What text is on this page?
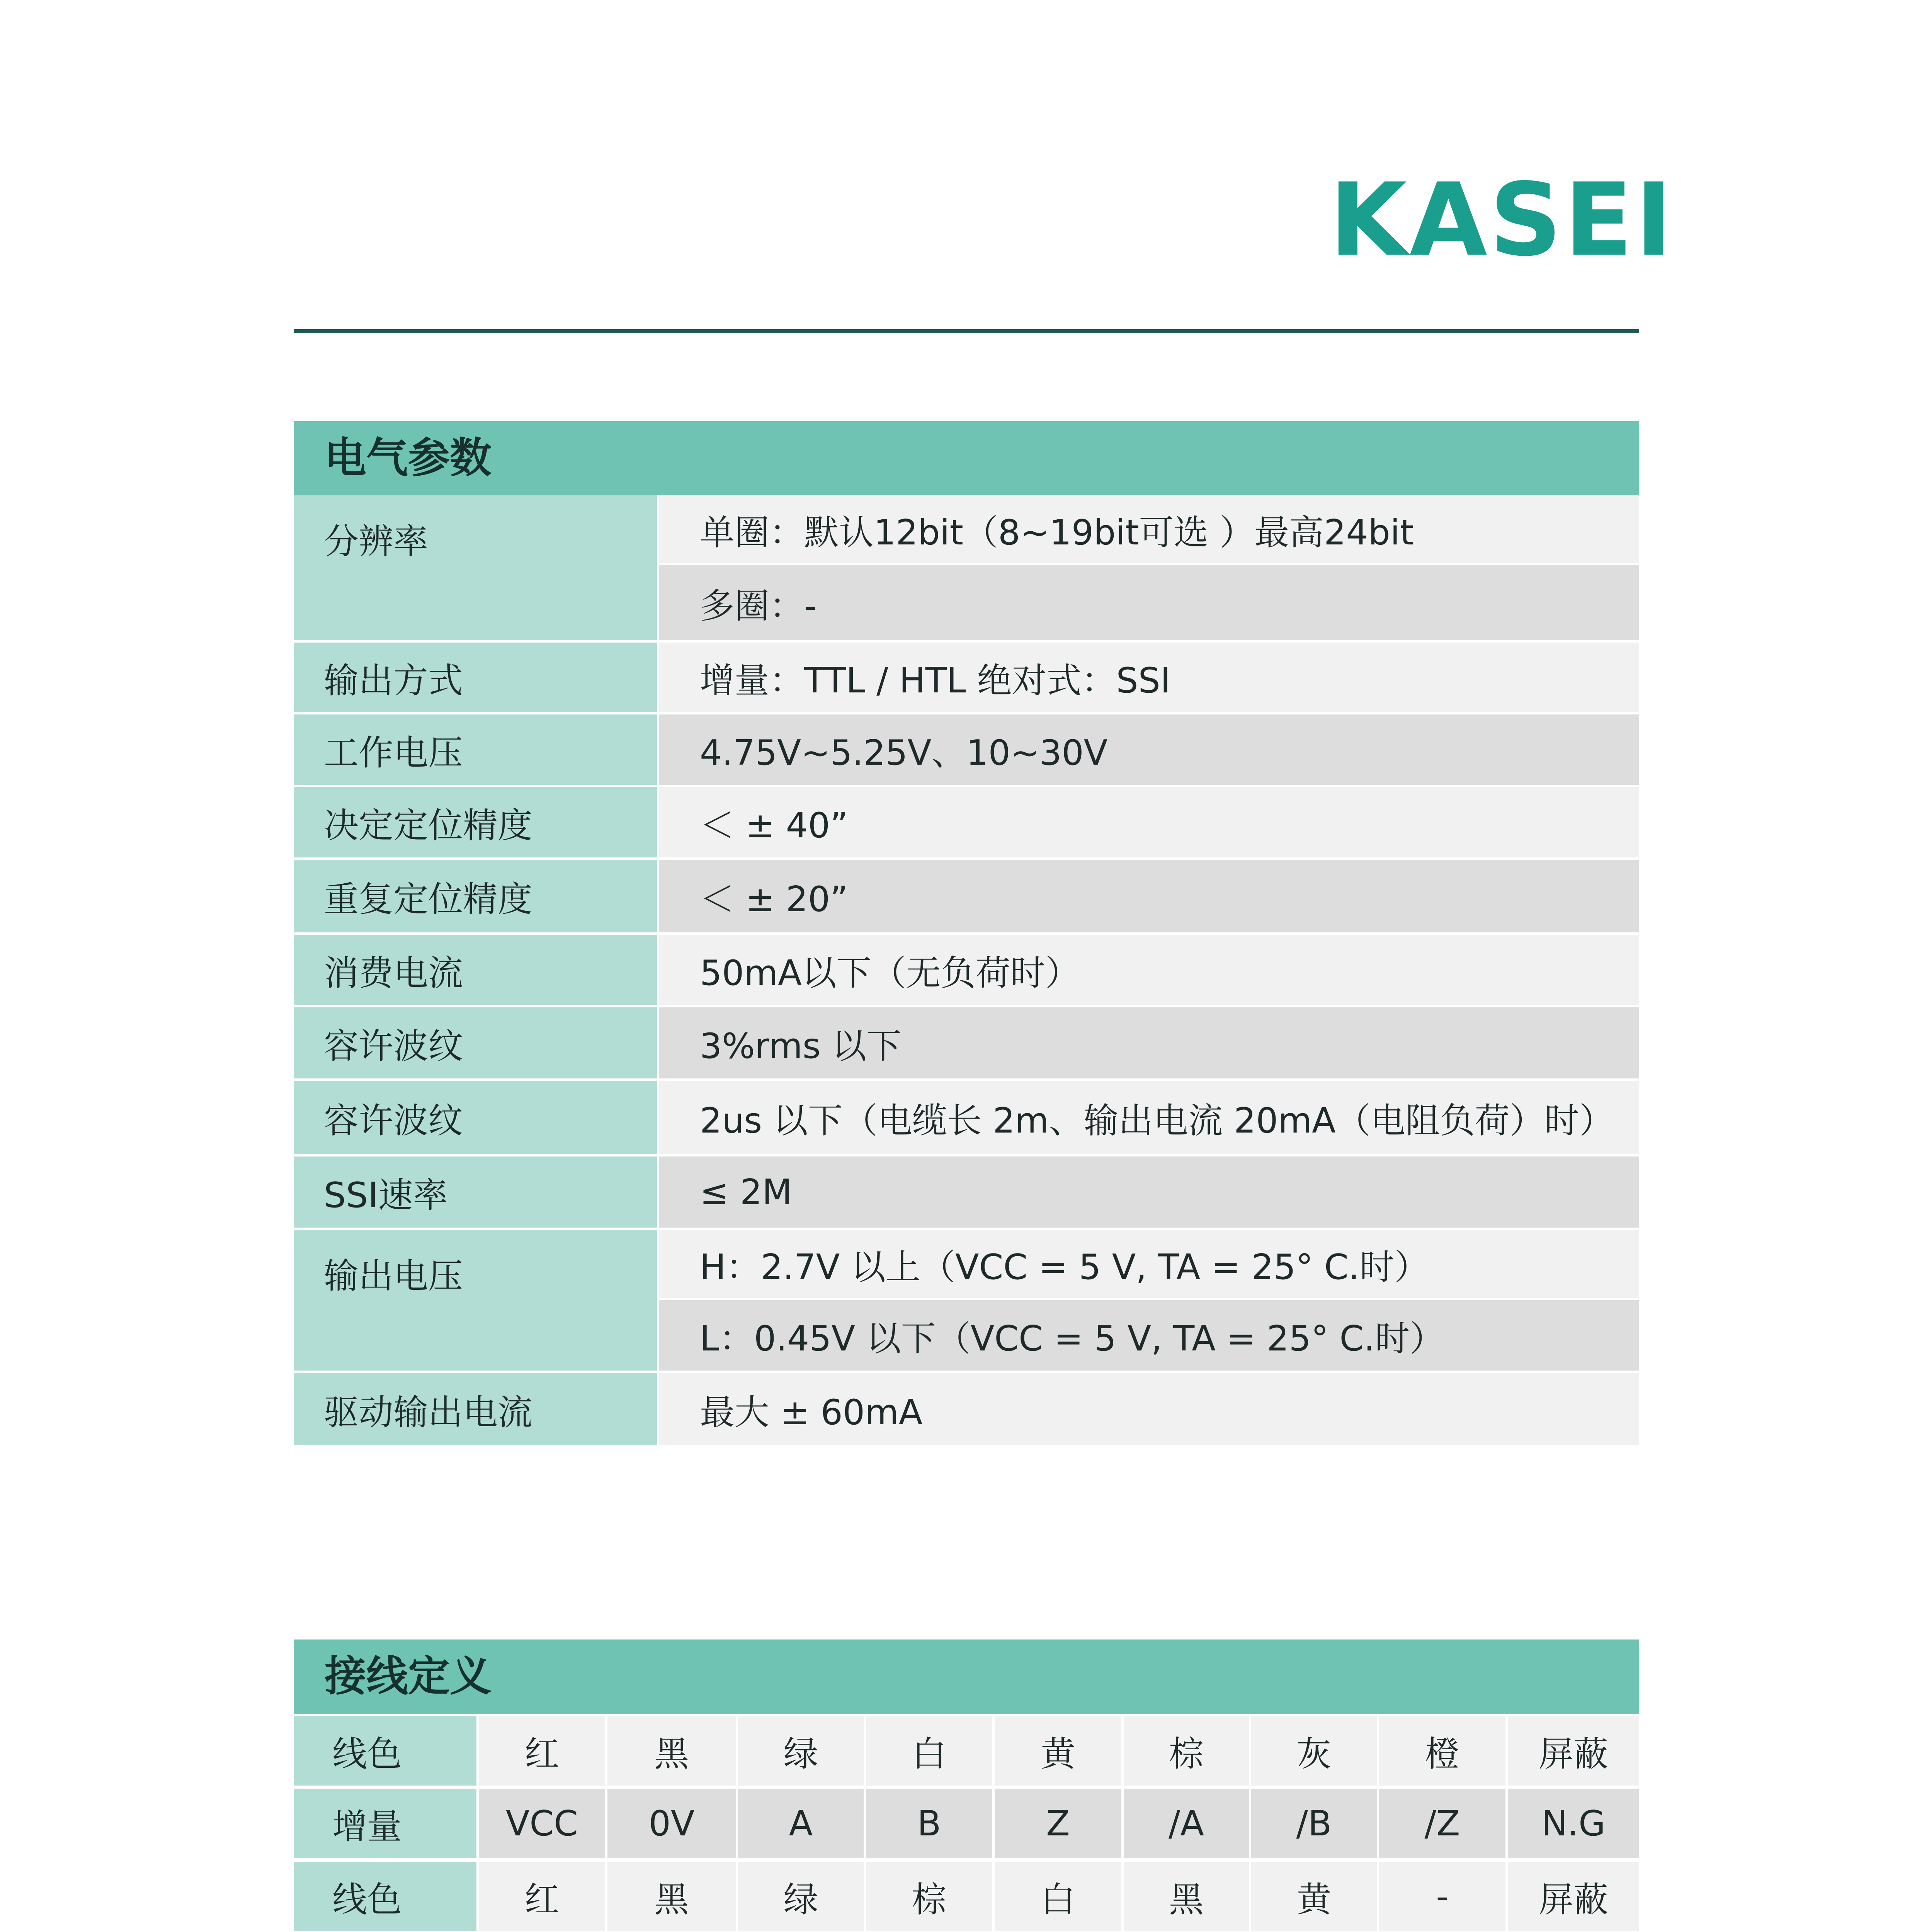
KASEI
电气参数
分辨率	单圈：默认12bit（8~19bit可选 ）最高24bit
多圈：-
输出方式	增量：TTL / HTL 绝对式：SSI
工作电压	4.75V~5.25V、10~30V
决定定位精度	＜ ± 40”
重复定位精度	＜ ± 20”
消费电流	50mA以下（无负荷时）
容许波纹	3%rms 以下
容许波纹	2us 以下（电缆长 2m、输出电流 20mA（电阻负荷）时）
SSI速率	≤ 2M
输出电压	H：2.7V 以上（VCC = 5 V, TA = 25° C.时）
L：0.45V 以下（VCC = 5 V, TA = 25° C.时）
驱动输出电流	最大 ± 60mA
接线定义
线色	红	黑	绿	白	黄	棕	灰	橙	屏蔽
增量	VCC	0V	A	B	Z	/A	/B	/Z	N.G
线色	红	黑	绿	棕	白	黑	黄	-	屏蔽
